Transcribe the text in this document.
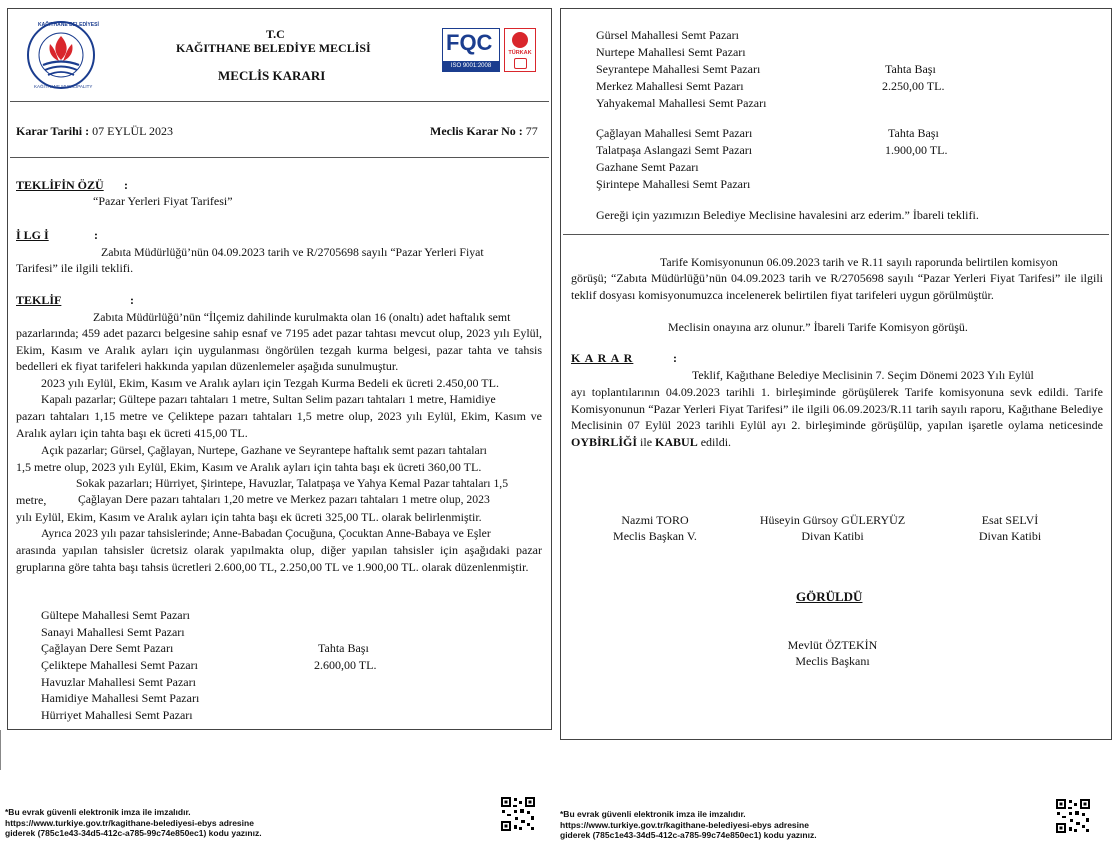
KAĞITHANE BELEDİYESİ
KAĞITHANE MUNICIPALITY
T.C
KAĞITHANE BELEDİYE MECLİSİ
MECLİS KARARI
FQC
ISO 9001:2008
TÜRKAK
Karar Tarihi : 07 EYLÜL 2023	Meclis Karar No : 77
TEKLİFİN ÖZÜ :
“Pazar Yerleri Fiyat Tarifesi”
İ LG İ	:
Zabıta Müdürlüğü’nün 04.09.2023 tarih ve R/2705698 sayılı “Pazar Yerleri Fiyat
Tarifesi” ile ilgili teklifi.
TEKLİF	:
Zabıta Müdürlüğü’nün “İlçemiz dahilinde kurulmakta olan 16 (onaltı) adet haftalık semt
pazarlarında; 459 adet pazarcı belgesine sahip esnaf ve 7195 adet pazar tahtası mevcut olup, 2023 yılı Eylül, Ekim, Kasım ve Aralık ayları için uygulanması öngörülen tezgah kurma belgesi, pazar tahta ve tahsis bedelleri ek fiyat tarifeleri hakkında yapılan düzenlemeler aşağıda sunulmuştur.
2023 yılı Eylül, Ekim, Kasım ve Aralık ayları için Tezgah Kurma Bedeli ek ücreti 2.450,00 TL.
Kapalı pazarlar; Gültepe pazarı tahtaları 1 metre, Sultan Selim pazarı tahtaları 1 metre, Hamidiye
pazarı tahtaları 1,15 metre ve Çeliktepe pazarı tahtaları 1,5 metre olup, 2023 yılı Eylül, Ekim, Kasım ve Aralık ayları için tahta başı ek ücreti 415,00 TL.
Açık pazarlar; Gürsel, Çağlayan, Nurtepe, Gazhane ve Seyrantepe haftalık semt pazarı tahtaları
1,5 metre olup, 2023 yılı Eylül, Ekim, Kasım ve Aralık ayları için tahta başı ek ücreti 360,00 TL.
Sokak pazarları; Hürriyet, Şirintepe, Havuzlar, Talatpaşa ve Yahya Kemal Pazar tahtaları 1,5
metre,	Çağlayan Dere pazarı tahtaları 1,20 metre ve Merkez pazarı tahtaları 1 metre olup, 2023
yılı Eylül, Ekim, Kasım ve Aralık ayları için tahta başı ek ücreti 325,00 TL. olarak belirlenmiştir.
Ayrıca 2023 yılı pazar tahsislerinde; Anne-Babadan Çocuğuna, Çocuktan Anne-Babaya ve Eşler
arasında yapılan tahsisler ücretsiz olarak yapılmakta olup, diğer yapılan tahsisler için aşağıdaki pazar gruplarına göre tahta başı tahsis ücretleri 2.600,00 TL, 2.250,00 TL ve 1.900,00 TL. olarak düzenlenmiştir.
Gültepe Mahallesi Semt Pazarı
Sanayi Mahallesi Semt Pazarı
Çağlayan Dere Semt Pazarı
Çeliktepe Mahallesi Semt Pazarı
Havuzlar Mahallesi Semt Pazarı
Hamidiye Mahallesi Semt Pazarı
Hürriyet Mahallesi Semt Pazarı
Tahta Başı
2.600,00 TL.
*Bu evrak güvenli elektronik imza ile imzalıdır.
https://www.turkiye.gov.tr/kagithane-belediyesi-ebys adresine
giderek (785c1e43-34d5-412c-a785-99c74e850ec1) kodu yazınız.
Gürsel Mahallesi Semt Pazarı
Nurtepe Mahallesi Semt Pazarı
Seyrantepe Mahallesi Semt Pazarı
Merkez Mahallesi Semt Pazarı
Yahyakemal Mahallesi Semt Pazarı
Tahta Başı
2.250,00 TL.
Çağlayan Mahallesi Semt Pazarı
Talatpaşa Aslangazi Semt Pazarı
Gazhane Semt Pazarı
Şirintepe Mahallesi Semt Pazarı
Tahta Başı
1.900,00 TL.
Gereği için yazımızın Belediye Meclisine havalesini arz ederim.” İbareli teklifi.
Tarife Komisyonunun 06.09.2023 tarih ve R.11 sayılı raporunda belirtilen komisyon
görüşü; “Zabıta Müdürlüğü’nün 04.09.2023 tarih ve R/2705698 sayılı “Pazar Yerleri Fiyat Tarifesi” ile ilgili teklif dosyası komisyonumuzca incelenerek belirtilen fiyat tarifeleri uygun görülmüştür.
Meclisin onayına arz olunur.” İbareli Tarife Komisyon görüşü.
K A R A R	:
Teklif, Kağıthane Belediye Meclisinin 7. Seçim Dönemi 2023 Yılı Eylül
ayı toplantılarının 04.09.2023 tarihli 1. birleşiminde görüşülerek Tarife komisyonuna sevk edildi. Tarife Komisyonunun “Pazar Yerleri Fiyat Tarifesi” ile ilgili 06.09.2023/R.11 tarih sayılı raporu, Kağıthane Belediye Meclisinin 07 Eylül 2023 tarihli Eylül ayı 2. birleşiminde görüşülüp, yapılan işaretle oylama neticesinde OYBİRLİĞİ ile KABUL edildi.
Nazmi TORO
Meclis Başkan V.
Hüseyin Gürsoy GÜLERYÜZ
Divan Katibi
Esat SELVİ
Divan Katibi
GÖRÜLDÜ
Mevlüt ÖZTEKİN
Meclis Başkanı
*Bu evrak güvenli elektronik imza ile imzalıdır.
https://www.turkiye.gov.tr/kagithane-belediyesi-ebys adresine
giderek (785c1e43-34d5-412c-a785-99c74e850ec1) kodu yazınız.
